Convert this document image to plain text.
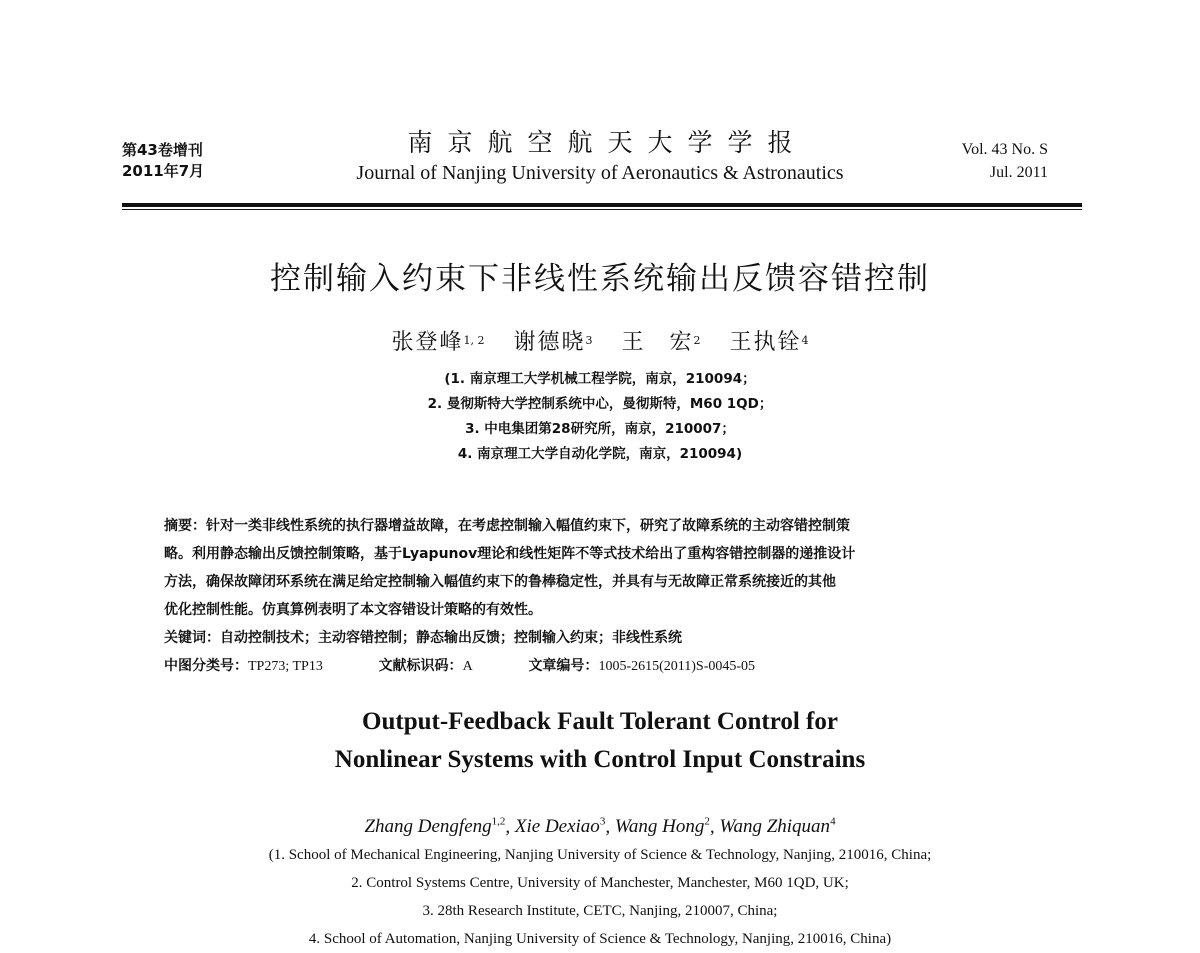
第43卷增刊
2011年7月
南京航空航天大学学报
Journal of Nanjing University of Aeronautics & Astronautics
Vol. 43 No. S
Jul. 2011
控制输入约束下非线性系统输出反馈容错控制
张登峰$^{1, 2}$ 谢德晓$^3$ 王　宏$^2$ 王执铨$^4$
(1. 南京理工大学机械工程学院，南京，210094；
2. 曼彻斯特大学控制系统中心，曼彻斯特，M60 1QD；
3. 中电集团第28研究所，南京，210007；
4. 南京理工大学自动化学院，南京，210094)

摘要：针对一类非线性系统的执行器增益故障，在考虑控制输入幅值约束下，研究了故障系统的主动容错控制策

略。利用静态输出反馈控制策略，基于Lyapunov理论和线性矩阵不等式技术给出了重构容错控制器的递推设计

方法，确保故障闭环系统在满足给定控制输入幅值约束下的鲁棒稳定性，并具有与无故障正常系统接近的其他

优化控制性能。仿真算例表明了本文容错设计策略的有效性。

关键词：自动控制技术；主动容错控制；静态输出反馈；控制输入约束；非线性系统

中图分类号：TP273; TP13	文献标识码：A	文章编号：1005-2615(2011)S-0045-05

Output-Feedback Fault Tolerant Control for
Nonlinear Systems with Control Input Constrains
Zhang Dengfeng$^{1,2}$, Xie Dexiao$^3$, Wang Hong$^2$, Wang Zhiquan$^4$
(1. School of Mechanical Engineering, Nanjing University of Science & Technology, Nanjing, 210016, China;
2. Control Systems Centre, University of Manchester, Manchester, M60 1QD, UK;
3. 28th Research Institute, CETC, Nanjing, 210007, China;
4. School of Automation, Nanjing University of Science & Technology, Nanjing, 210016, China)
